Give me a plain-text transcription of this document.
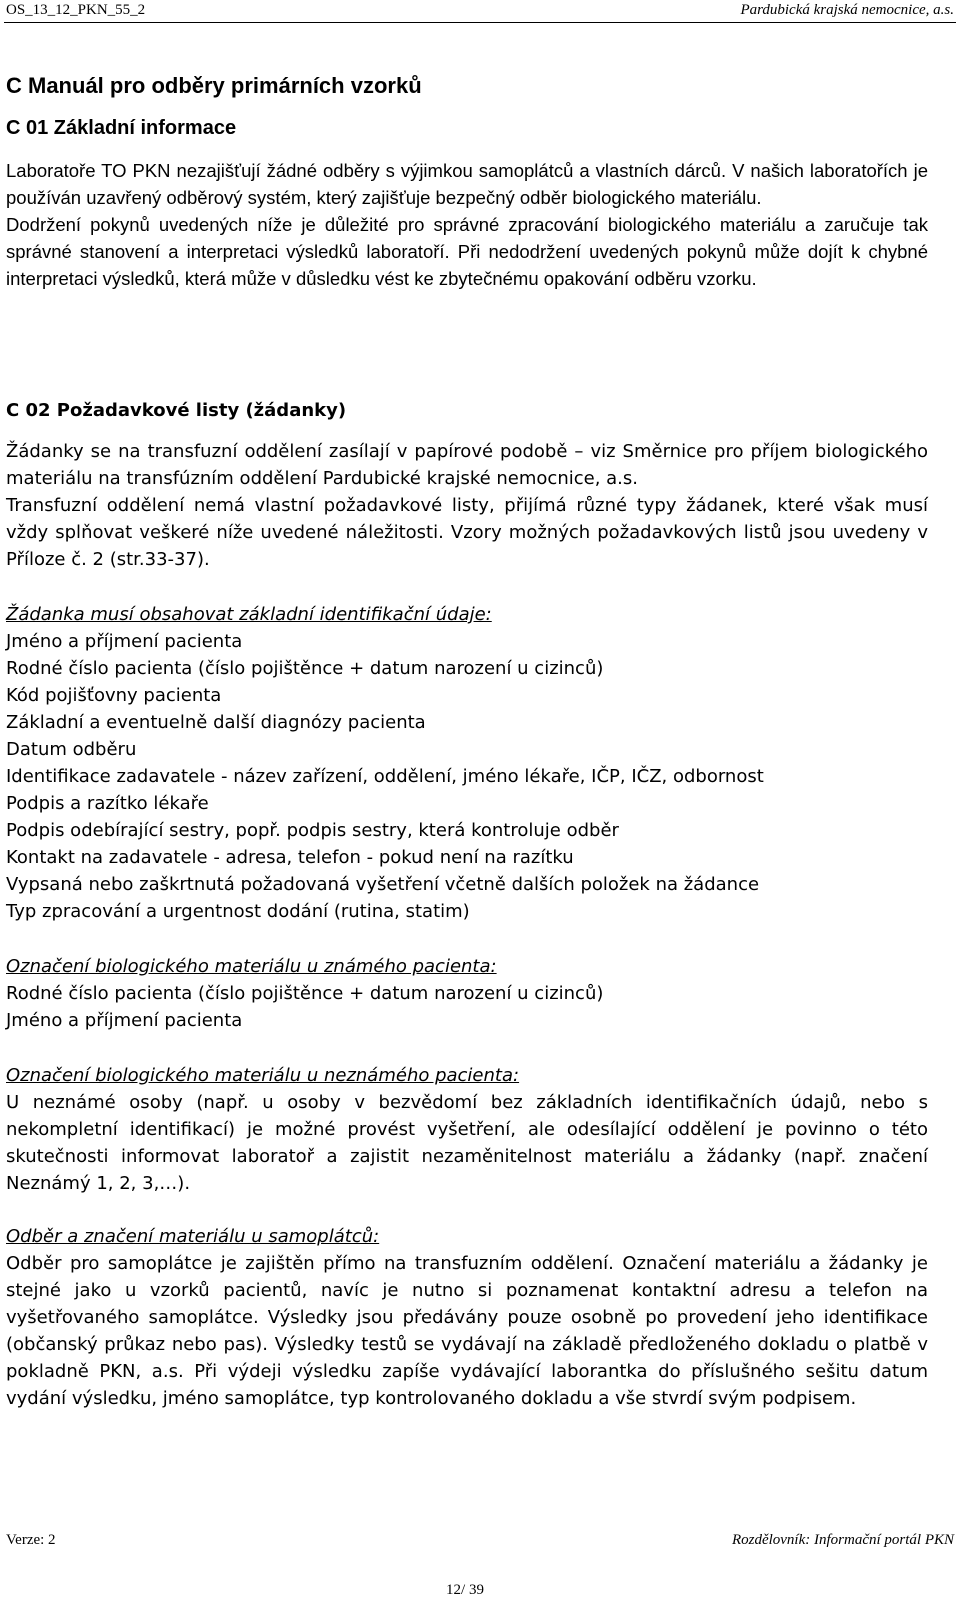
OS_13_12_PKN_55_2	Pardubická krajská nemocnice, a.s.
C Manuál pro odběry primárních vzorků
C 01 Základní informace

Laboratoře TO PKN nezajišťují žádné odběry s výjimkou samoplátců a vlastních dárců. V našich laboratořích je používán uzavřený odběrový systém, který zajišťuje bezpečný odběr biologického materiálu.

Dodržení pokynů uvedených níže je důležité pro správné zpracování biologického materiálu a zaručuje tak správné stanovení a interpretaci výsledků laboratoří. Při nedodržení uvedených pokynů může dojít k chybné interpretaci výsledků, která může v důsledku vést ke zbytečnému opakování odběru vzorku.

C 02 Požadavkové listy (žádanky)

Žádanky se na transfuzní oddělení zasílají v papírové podobě – viz Směrnice pro příjem biologického materiálu na transfúzním oddělení Pardubické krajské nemocnice, a.s.

Transfuzní oddělení nemá vlastní požadavkové listy, přijímá různé typy žádanek, které však musí vždy splňovat veškeré níže uvedené náležitosti. Vzory možných požadavkových listů jsou uvedeny v Příloze č. 2 (str.33-37).

Žádanka musí obsahovat základní identifikační údaje:

Jméno a příjmení pacienta
Rodné číslo pacienta (číslo pojištěnce + datum narození u cizinců)
Kód pojišťovny pacienta
Základní a eventuelně další diagnózy pacienta
Datum odběru
Identifikace zadavatele - název zařízení, oddělení, jméno lékaře, IČP, IČZ, odbornost
Podpis a razítko lékaře
Podpis odebírající sestry, popř. podpis sestry, která kontroluje odběr
Kontakt na zadavatele - adresa, telefon - pokud není na razítku
Vypsaná nebo zaškrtnutá požadovaná vyšetření včetně dalších položek na žádance
Typ zpracování a urgentnost dodání (rutina, statim)

Označení biologického materiálu u známého pacienta:

Rodné číslo pacienta (číslo pojištěnce + datum narození u cizinců)
Jméno a příjmení pacienta

Označení biologického materiálu u neznámého pacienta:

U neznámé osoby (např. u osoby v bezvědomí bez základních identifikačních údajů, nebo s nekompletní identifikací) je možné provést vyšetření, ale odesílající oddělení je povinno o této skutečnosti informovat laboratoř a zajistit nezaměnitelnost materiálu a žádanky (např. značení Neznámý 1, 2, 3,…).

Odběr a značení materiálu u samoplátců:

Odběr pro samoplátce je zajištěn přímo na transfuzním oddělení. Označení materiálu a žádanky je stejné jako u vzorků pacientů, navíc je nutno si poznamenat kontaktní adresu a telefon na vyšetřovaného samoplátce. Výsledky jsou předávány pouze osobně po provedení jeho identifikace (občanský průkaz nebo pas). Výsledky testů se vydávají na základě předloženého dokladu o platbě v pokladně PKN, a.s. Při výdeji výsledku zapíše vydávající laborantka do příslušného sešitu datum vydání výsledku, jméno samoplátce, typ kontrolovaného dokladu a vše stvrdí svým podpisem.

Verze: 2	Rozdělovník: Informační portál PKN
12/ 39
